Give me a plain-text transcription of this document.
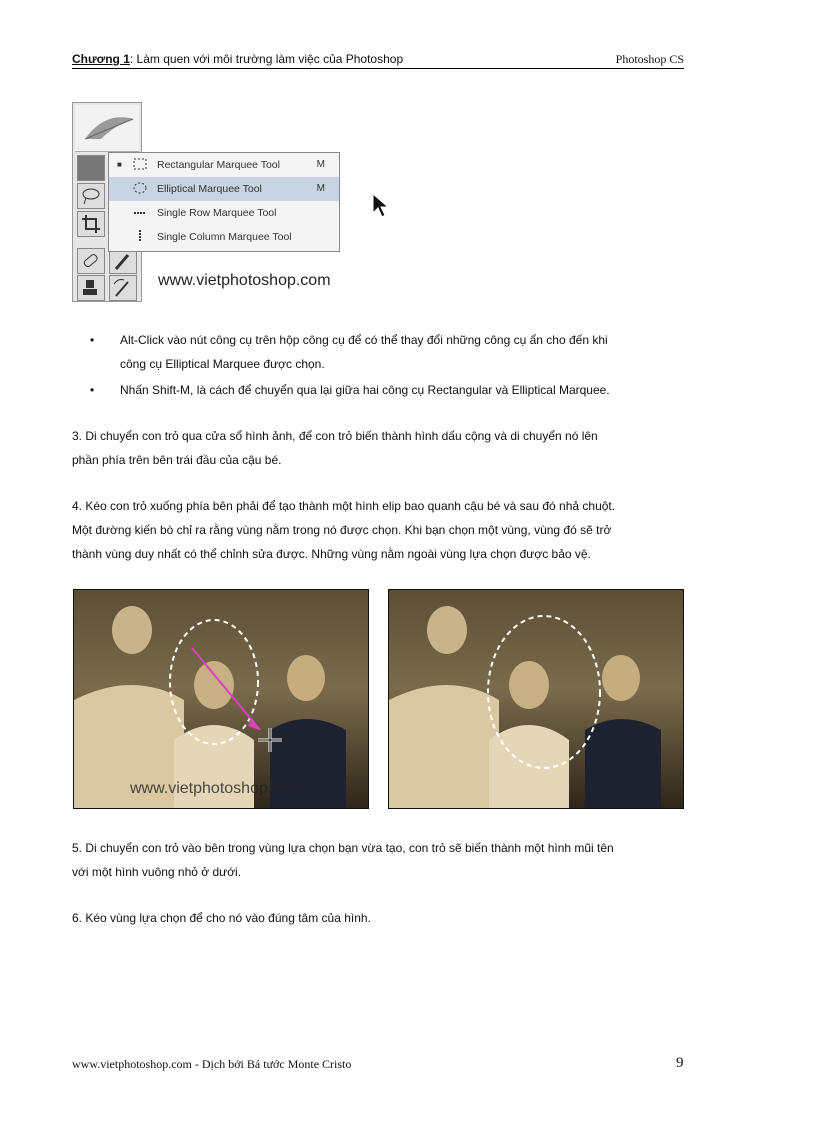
Chương 1: Làm quen với môi trường làm việc của Photoshop	Photoshop CS
■	Rectangular Marquee Tool	M
Elliptical Marquee Tool	M
Single Row Marquee Tool
Single Column Marquee Tool
www.vietphotoshop.com
• Alt-Click vào nút công cụ trên hộp công cụ để có thể thay đổi những công cụ ẩn cho đến khi
công cụ Elliptical Marquee được chọn.
• Nhấn Shift-M, là cách để chuyển qua lại giữa hai công cụ Rectangular và Elliptical Marquee.
3. Di chuyển con trỏ qua cửa sổ hình ảnh, để con trỏ biến thành hình dấu cộng và di chuyển nó lên
phần phía trên bên trái đầu của cậu bé.
4. Kéo con trỏ xuống phía bên phải để tạo thành một hình elip bao quanh cậu bé và sau đó nhả chuột.
Một đường kiến bò chỉ ra rằng vùng nằm trong nó được chọn. Khi bạn chọn một vùng, vùng đó sẽ trở
thành vùng duy nhất có thể chỉnh sửa được. Những vùng nằm ngoài vùng lựa chọn được bảo vệ.
www.vietphotoshop.com
5. Di chuyển con trỏ vào bên trong vùng lựa chọn bạn vừa tạo, con trỏ sẽ biến thành một hình mũi tên
với một hình vuông nhỏ ở dưới.
6. Kéo vùng lựa chọn để cho nó vào đúng tâm của hình.
www.vietphotoshop.com - Dịch bởi Bá tước Monte Cristo	9
